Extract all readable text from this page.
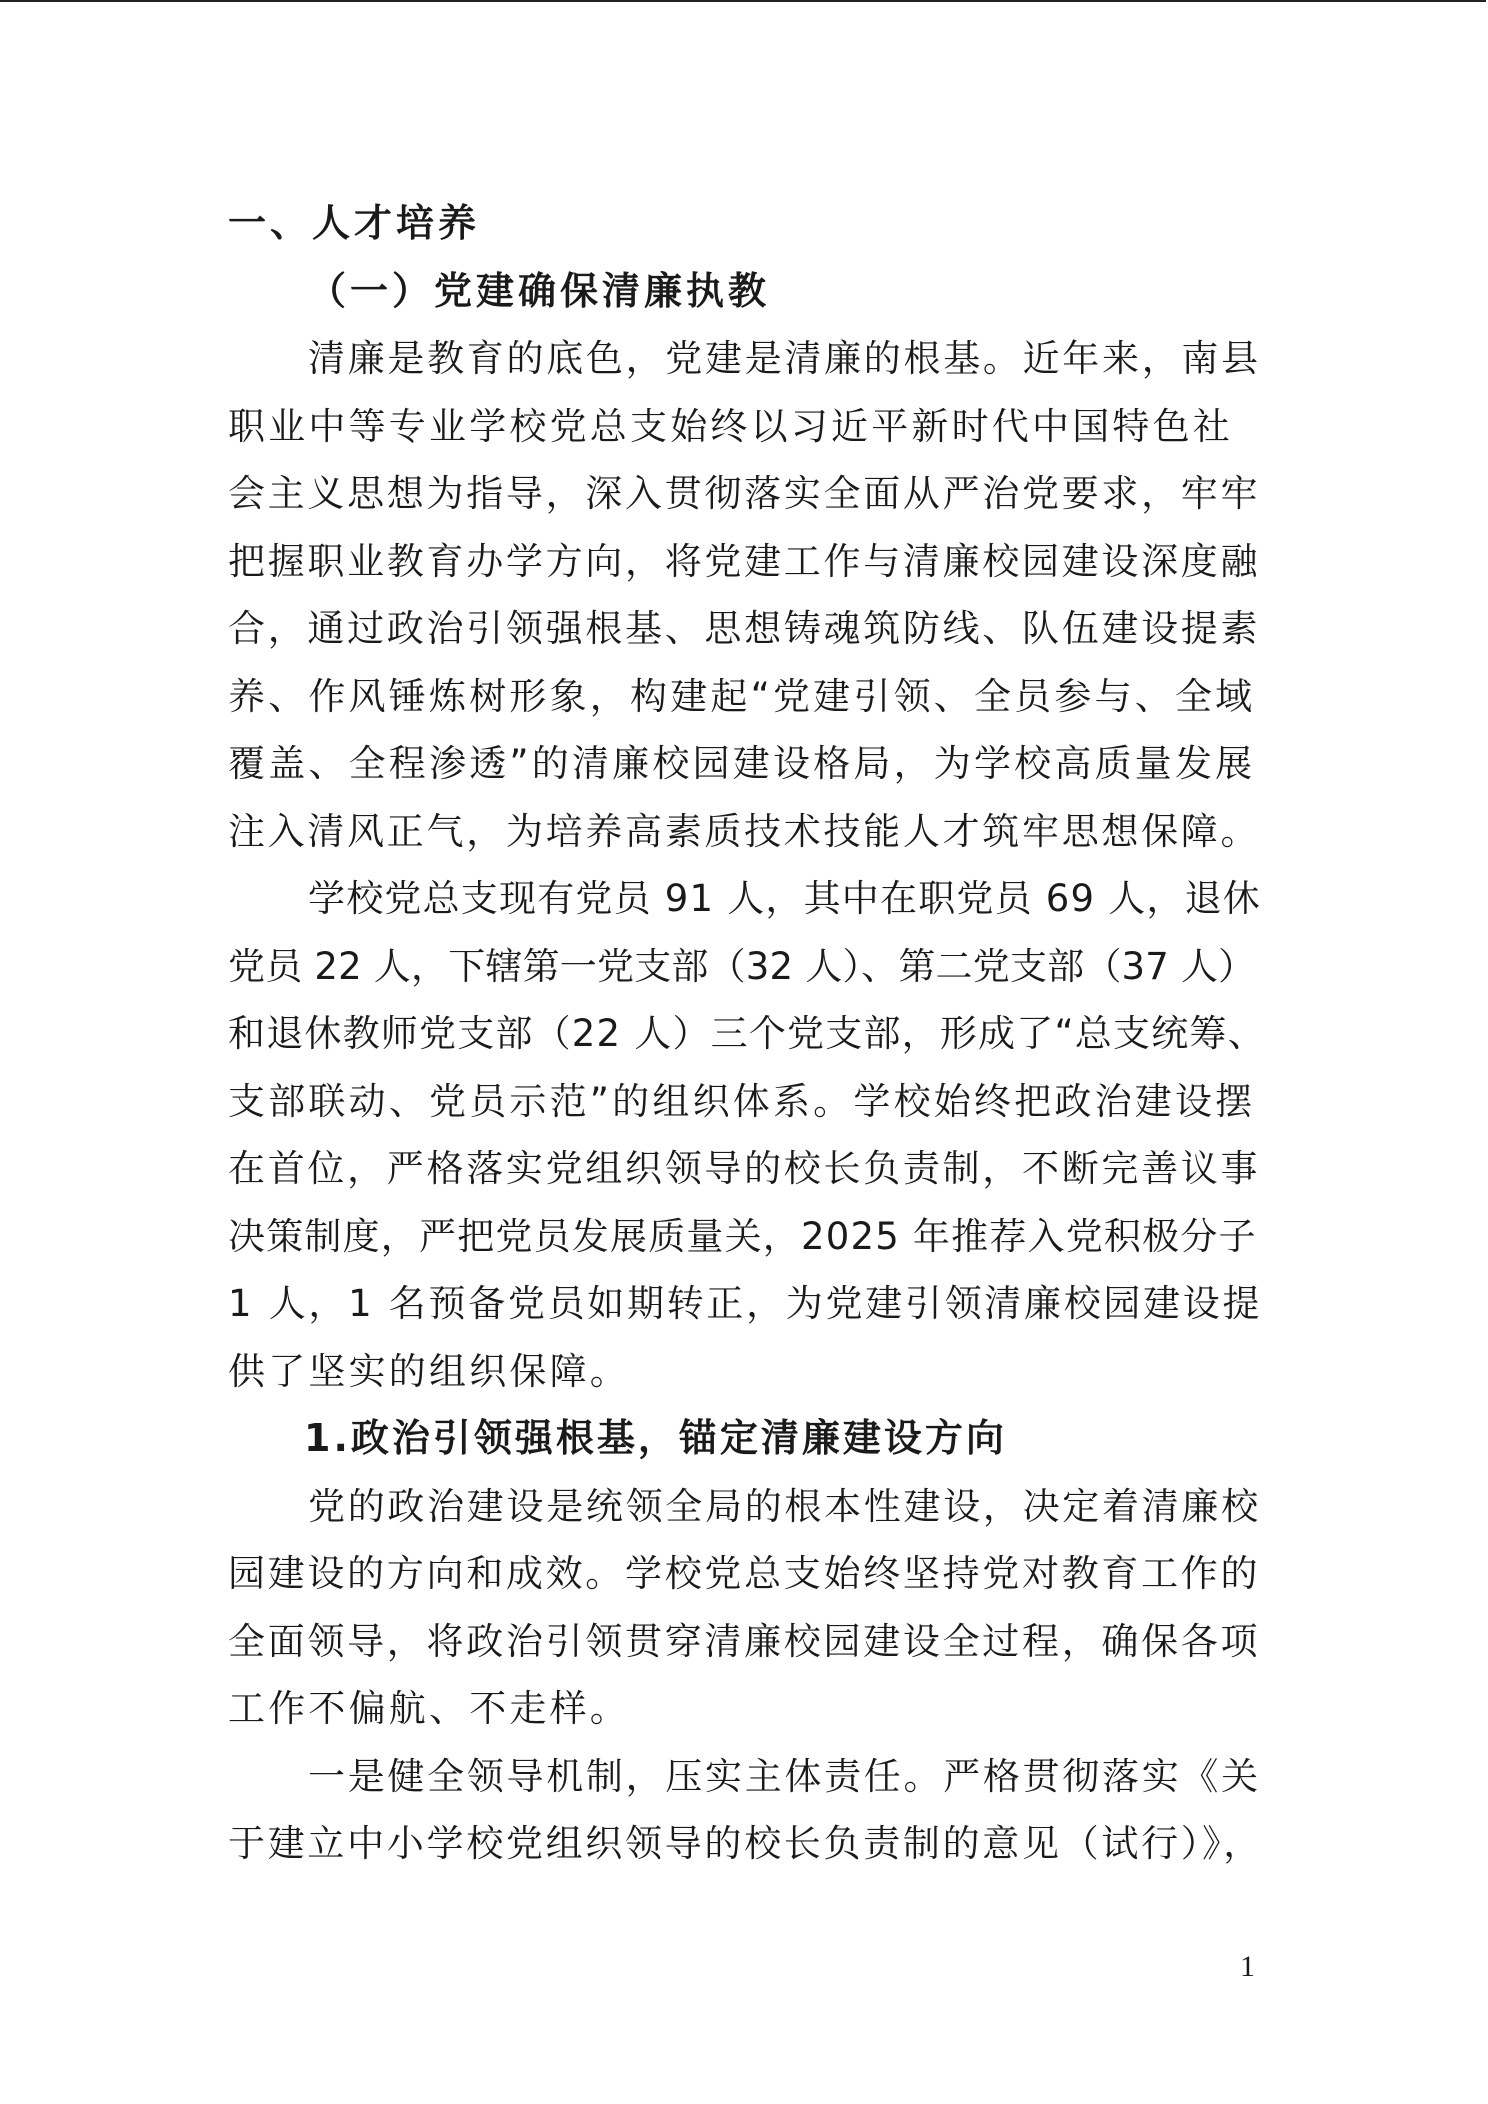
一、人才培养
（一）党建确保清廉执教
清廉是教育的底色，党建是清廉的根基。近年来，南县
职业中等专业学校党总支始终以习近平新时代中国特色社
会主义思想为指导，深入贯彻落实全面从严治党要求，牢牢
把握职业教育办学方向，将党建工作与清廉校园建设深度融
合，通过政治引领强根基、思想铸魂筑防线、队伍建设提素
养、作风锤炼树形象，构建起“党建引领、全员参与、全域
覆盖、全程渗透”的清廉校园建设格局，为学校高质量发展
注入清风正气，为培养高素质技术技能人才筑牢思想保障。
学校党总支现有党员 91 人，其中在职党员 69 人，退休
党员 22 人，下辖第一党支部（32 人）、第二党支部（37 人）
和退休教师党支部（22 人）三个党支部，形成了“总支统筹、
支部联动、党员示范”的组织体系。学校始终把政治建设摆
在首位，严格落实党组织领导的校长负责制，不断完善议事
决策制度，严把党员发展质量关，2025 年推荐入党积极分子
1 人，1 名预备党员如期转正，为党建引领清廉校园建设提
供了坚实的组织保障。
1.政治引领强根基，锚定清廉建设方向
党的政治建设是统领全局的根本性建设，决定着清廉校
园建设的方向和成效。学校党总支始终坚持党对教育工作的
全面领导，将政治引领贯穿清廉校园建设全过程，确保各项
工作不偏航、不走样。
一是健全领导机制，压实主体责任。严格贯彻落实《关
于建立中小学校党组织领导的校长负责制的意见（试行）》，
1
